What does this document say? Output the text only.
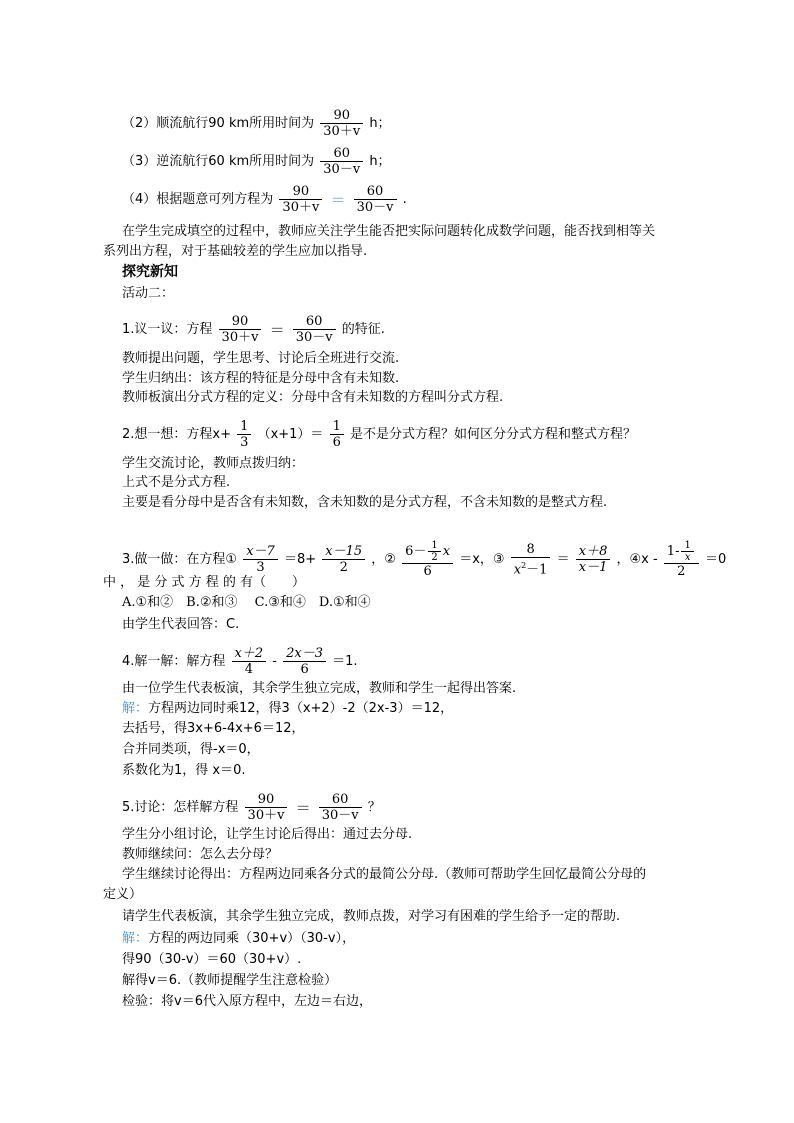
（2）顺流航行90 km所用时间为 $\frac{90}{30+v}$ h；
（3）逆流航行60 km所用时间为 $\frac{60}{30-v}$ h；
（4）根据题意可列方程为 $\frac{90}{30+v} = \frac{60}{30-v}$ .
在学生完成填空的过程中，教师应关注学生能否把实际问题转化成数学问题，能否找到相等关
系列出方程，对于基础较差的学生应加以指导.
探究新知
活动二：
1.议一议：方程 $\frac{90}{30+v} = \frac{60}{30-v}$ 的特征.
教师提出问题，学生思考、讨论后全班进行交流.
学生归纳出：该方程的特征是分母中含有未知数.
教师板演出分式方程的定义：分母中含有未知数的方程叫分式方程.
2.想一想：方程$x+ \frac{1}{3} (x+1)= \frac{1}{6}$ 是不是分式方程？如何区分分式方程和整式方程？
学生交流讨论，教师点拨归纳：
上式不是分式方程.
主要是看分母中是否含有未知数，含未知数的是分式方程，不含未知数的是整式方程.
3.做一做：在方程① $\frac{x-7}{3} =8+ \frac{x-15}{2}$ ，② $\frac{6- \frac{1}{2} x}{6} =x$，③ $\frac{8}{x^2-1} = \frac{x+8}{x-1}$ ，④x - $\frac{1- \frac{1}{x}}{2} =0$
中 ， 是 分 式 方 程 的 有（　　）
A.①和②　B.②和③　 C.③和④　D.①和④
由学生代表回答：C.
4.解一解：解方程 $\frac{x+2}{4} - \frac{2x-3}{6} =1$.
由一位学生代表板演，其余学生独立完成，教师和学生一起得出答案.
解：方程两边同时乘12，得3（x+2）-2（2x-3）＝12，
去括号，得3x+6-4x+6＝12，
合并同类项，得-x＝0，
系数化为1，得 x＝0.
5.讨论：怎样解方程 $\frac{90}{30+v} = \frac{60}{30-v}$ ？
学生分小组讨论，让学生讨论后得出：通过去分母.
教师继续问：怎么去分母？
学生继续讨论得出：方程两边同乘各分式的最简公分母.（教师可帮助学生回忆最简公分母的
定义）
请学生代表板演，其余学生独立完成，教师点拨，对学习有困难的学生给予一定的帮助.
解：方程的两边同乘（30+v）（30-v），
得90（30-v）＝60（30+v）.
解得v＝6.（教师提醒学生注意检验）
检验：将v＝6代入原方程中，左边＝右边，
